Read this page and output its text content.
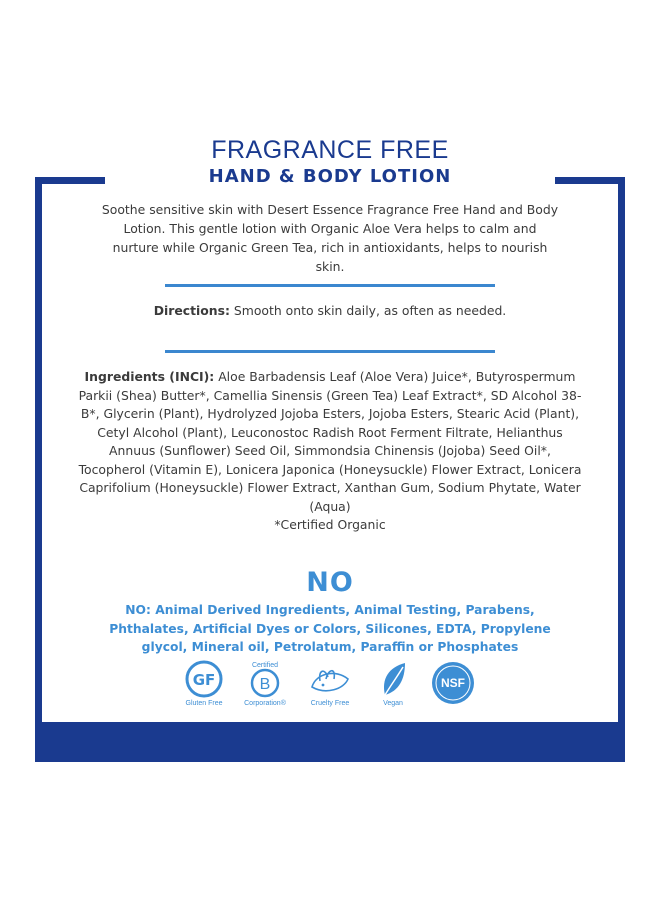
FRAGRANCE FREE
HAND & BODY LOTION
Soothe sensitive skin with Desert Essence Fragrance Free Hand and Body Lotion. This gentle lotion with Organic Aloe Vera helps to calm and nurture while Organic Green Tea, rich in antioxidants, helps to nourish skin.
Directions: Smooth onto skin daily, as often as needed.
Ingredients (INCI): Aloe Barbadensis Leaf (Aloe Vera) Juice*, Butyrospermum Parkii (Shea) Butter*, Camellia Sinensis (Green Tea) Leaf Extract*, SD Alcohol 38-B*, Glycerin (Plant), Hydrolyzed Jojoba Esters, Jojoba Esters, Stearic Acid (Plant), Cetyl Alcohol (Plant), Leuconostoc Radish Root Ferment Filtrate, Helianthus Annuus (Sunflower) Seed Oil, Simmondsia Chinensis (Jojoba) Seed Oil*, Tocopherol (Vitamin E), Lonicera Japonica (Honeysuckle) Flower Extract, Lonicera Caprifolium (Honeysuckle) Flower Extract, Xanthan Gum, Sodium Phytate, Water (Aqua)
*Certified Organic
NO
NO: Animal Derived Ingredients, Animal Testing, Parabens, Phthalates, Artificial Dyes or Colors, Silicones, EDTA, Propylene glycol, Mineral oil, Petrolatum, Paraffin or Phosphates
GF
Gluten Free
Certified
B
Corporation®	Cruelty Free	Vegan
NSF
